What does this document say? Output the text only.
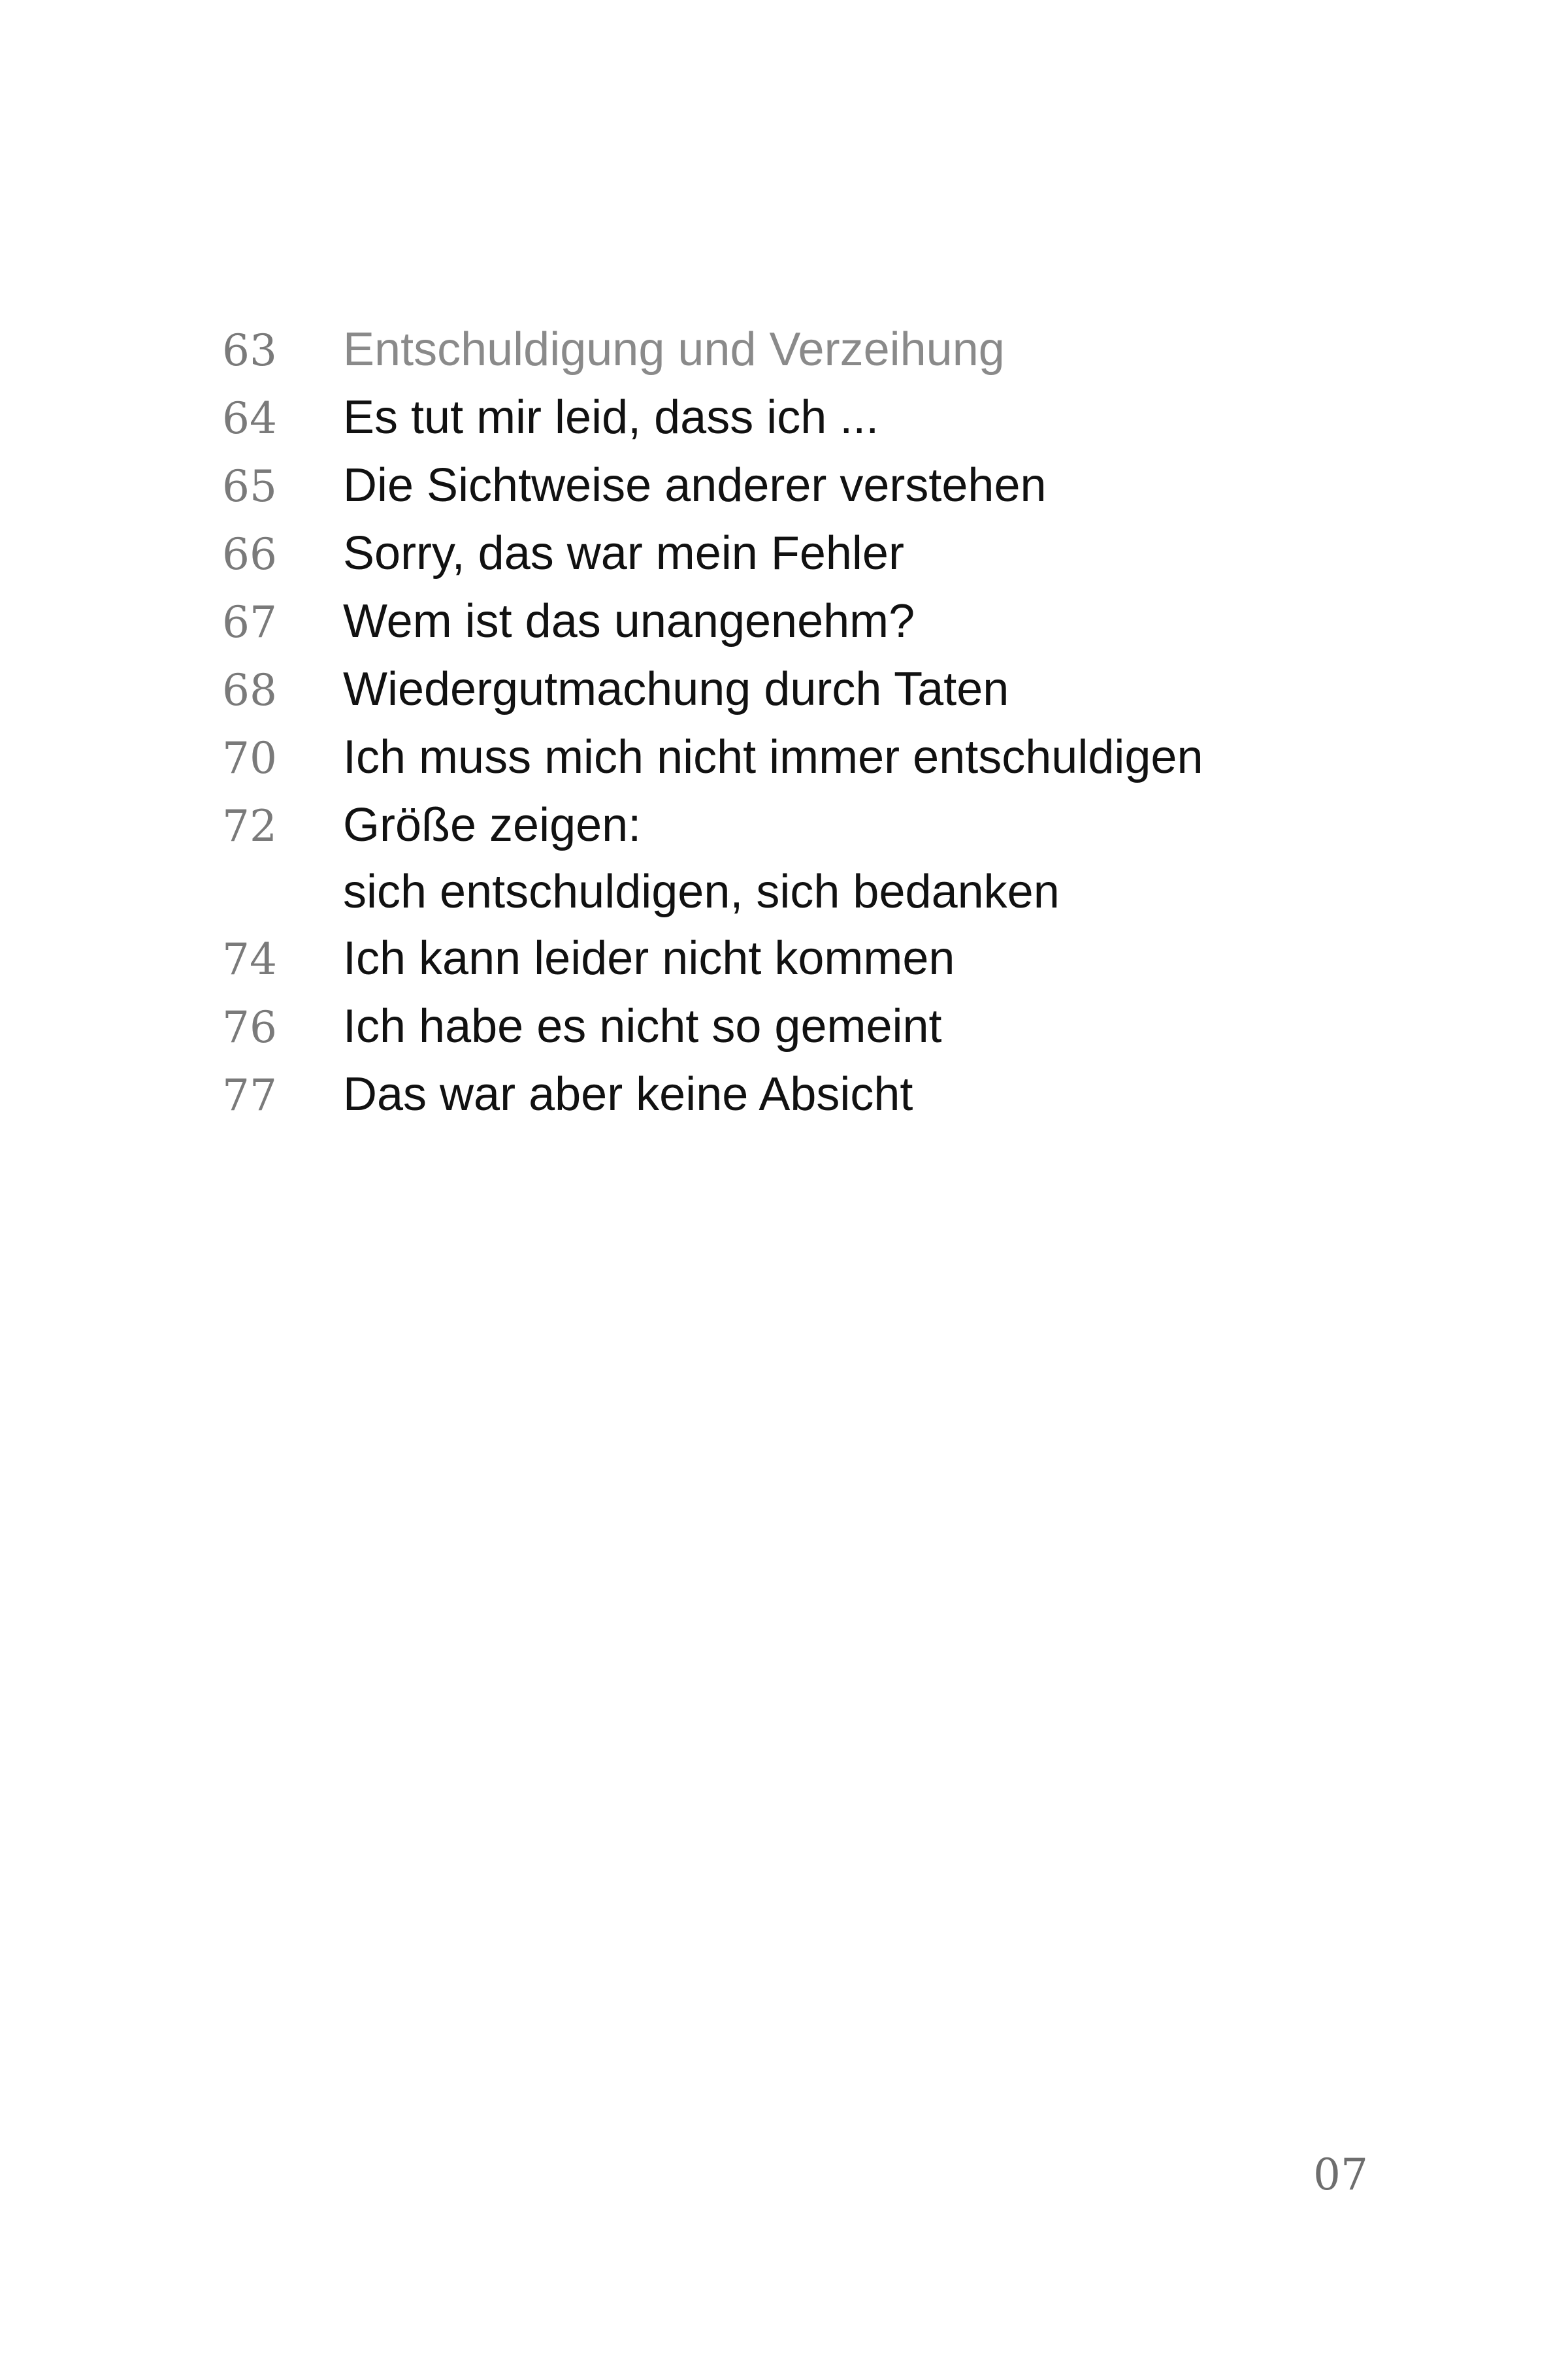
63	Entschuldigung und Verzeihung
64	Es tut mir leid, dass ich ...
65	Die Sichtweise anderer verstehen
66	Sorry, das war mein Fehler
67	Wem ist das unangenehm?
68	Wiedergutmachung durch Taten
70	Ich muss mich nicht immer entschuldigen
72	Größe zeigen:
sich entschuldigen, sich bedanken
74	Ich kann leider nicht kommen
76	Ich habe es nicht so gemeint
77	Das war aber keine Absicht
07
